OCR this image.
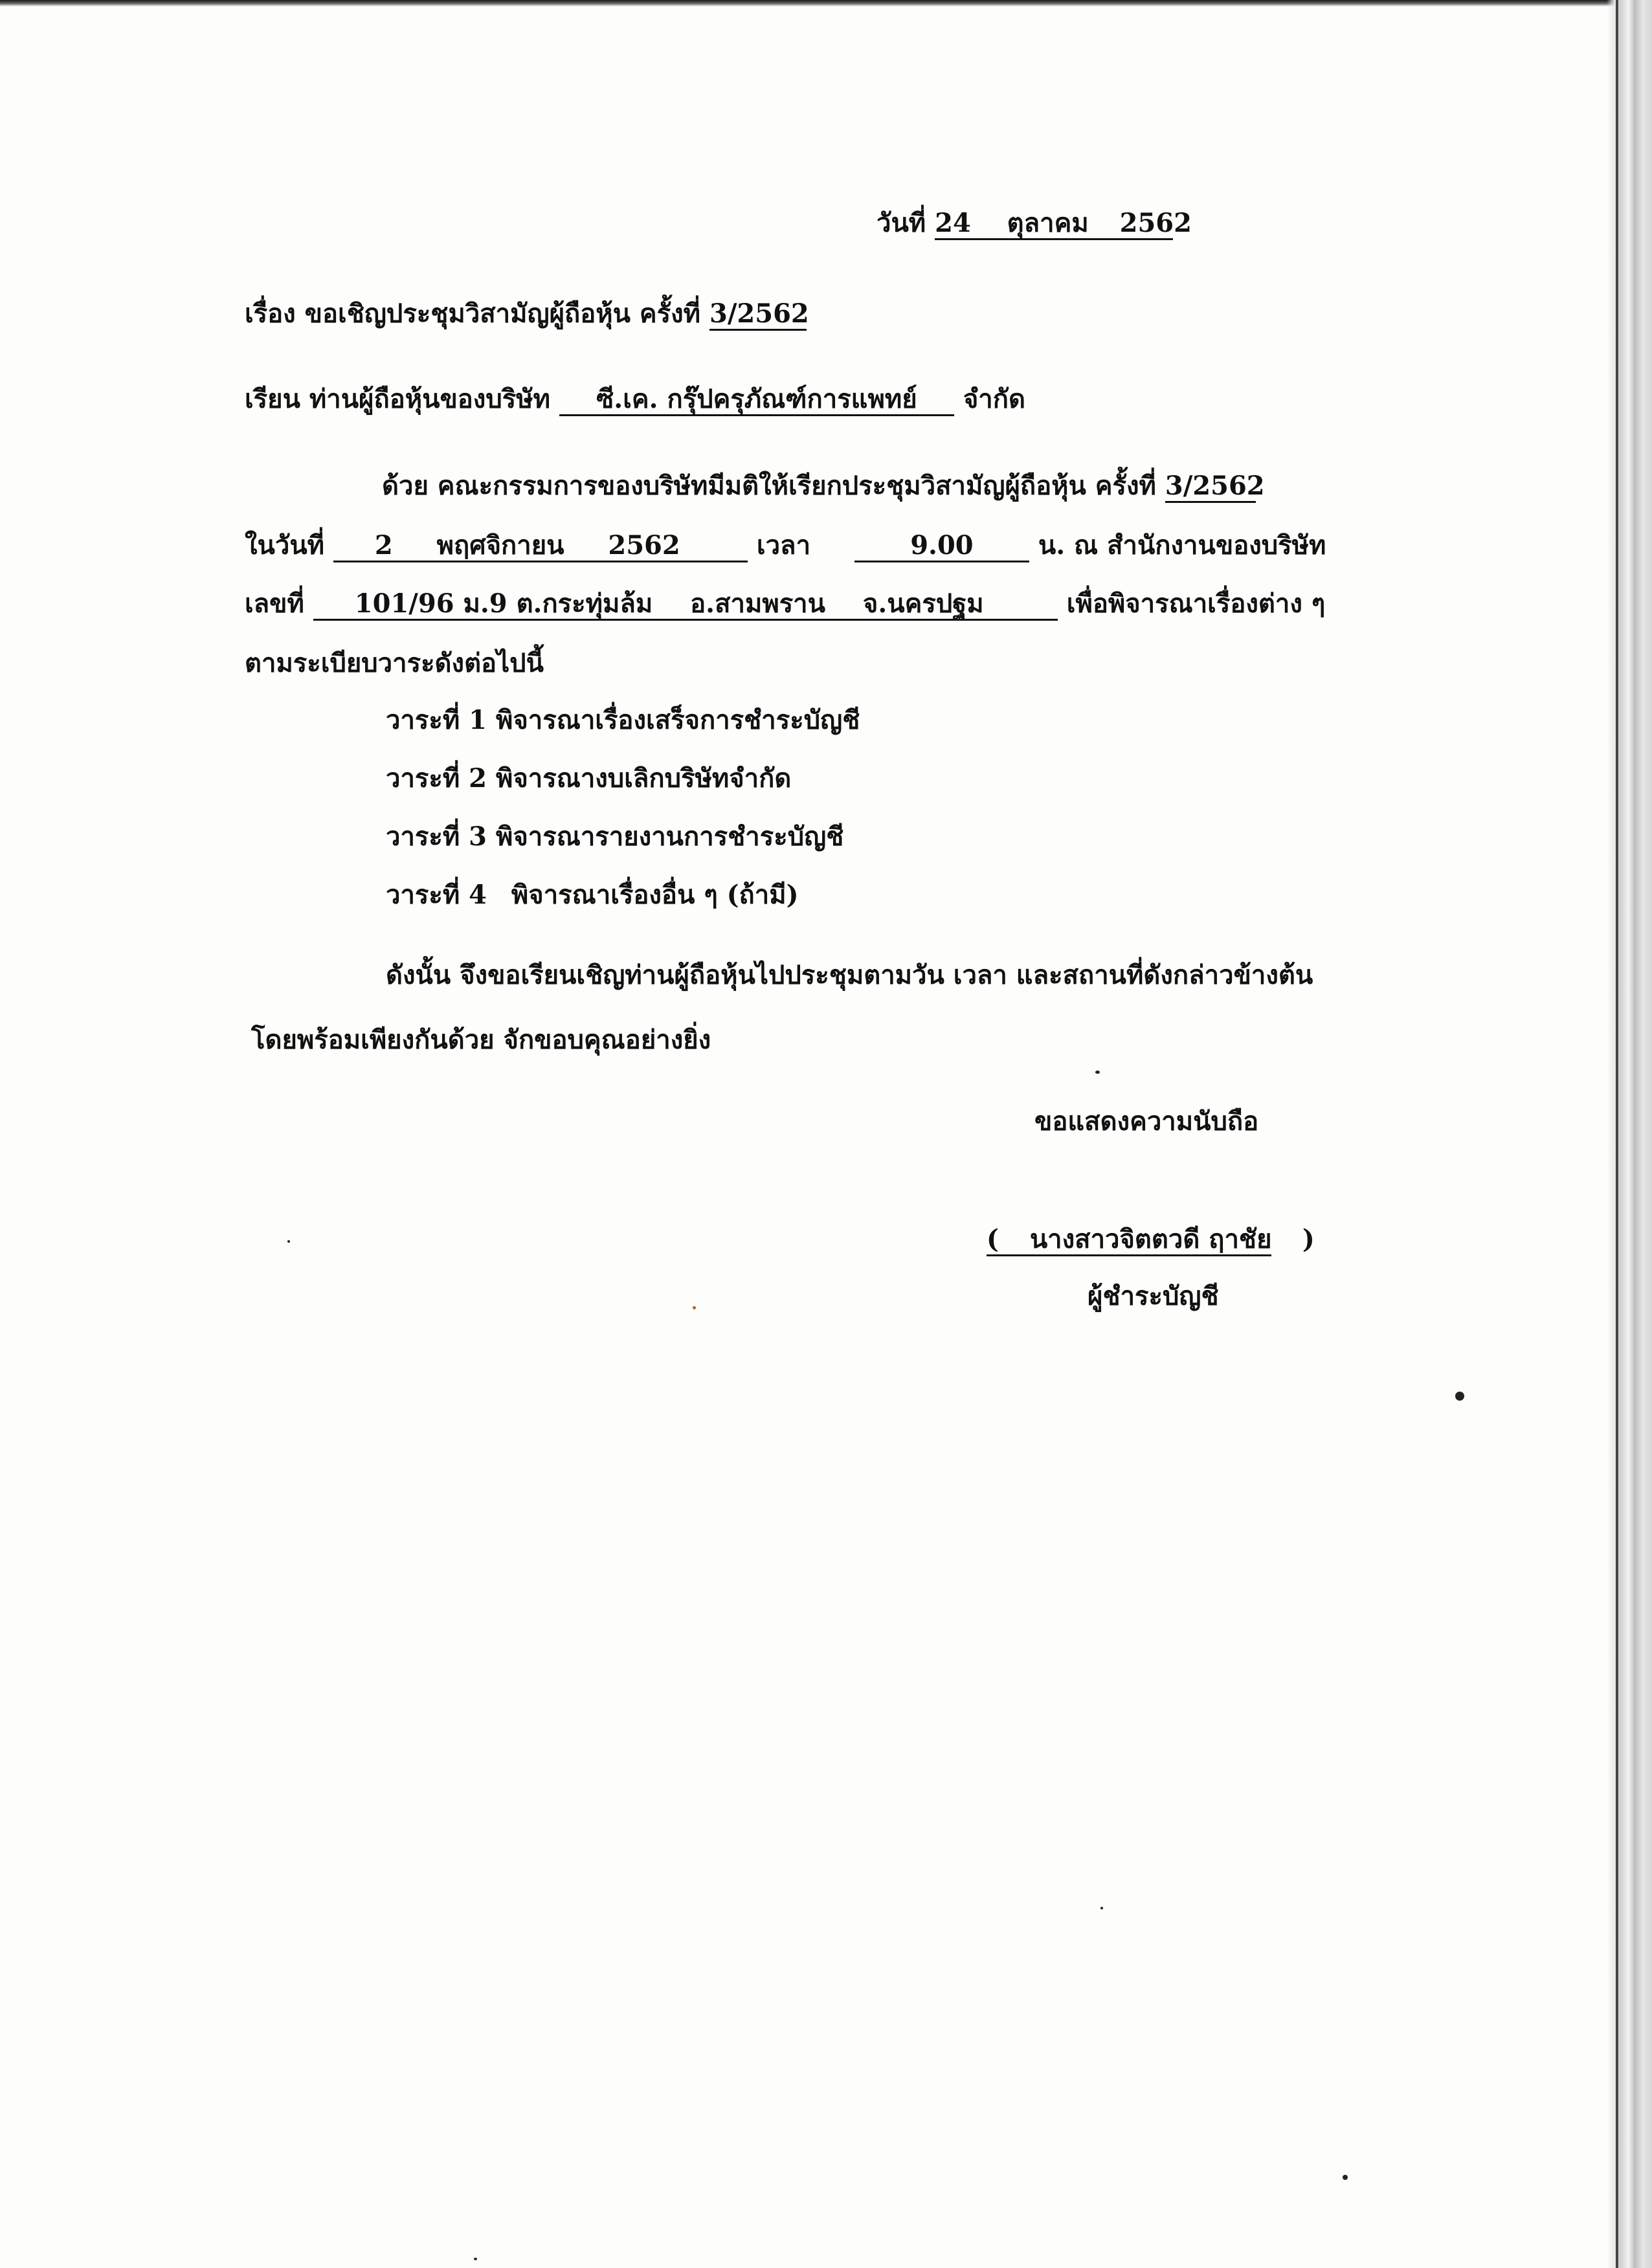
วันที่ 24 ตุลาคม 2562
เรื่อง ขอเชิญประชุมวิสามัญผู้ถือหุ้น ครั้งที่ 3/2562
เรียน ท่านผู้ถือหุ้นของบริษัท ซี.เค. กรุ๊ปครุภัณฑ์การแพทย์ จำกัด
ด้วย คณะกรรมการของบริษัทมีมติให้เรียกประชุมวิสามัญผู้ถือหุ้น ครั้งที่ 3/2562
ในวันที่ 2 พฤศจิกายน 2562	เวลา	9.00	น. ณ สำนักงานของบริษัท
เลขที่ 101/96 ม.9 ต.กระทุ่มล้ม อ.สามพราน จ.นครปฐม	เพื่อพิจารณาเรื่องต่าง ๆ
ตามระเบียบวาระดังต่อไปนี้
วาระที่ 1 พิจารณาเรื่องเสร็จการชำระบัญชี
วาระที่ 2 พิจารณางบเลิกบริษัทจำกัด
วาระที่ 3 พิจารณารายงานการชำระบัญชี
วาระที่ 4 พิจารณาเรื่องอื่น ๆ (ถ้ามี)
ดังนั้น จึงขอเรียนเชิญท่านผู้ถือหุ้นไปประชุมตามวัน เวลา และสถานที่ดังกล่าวข้างต้น
โดยพร้อมเพียงกันด้วย จักขอบคุณอย่างยิ่ง
ขอแสดงความนับถือ
( นางสาวจิตตวดี ฤาชัย )
ผู้ชำระบัญชี
